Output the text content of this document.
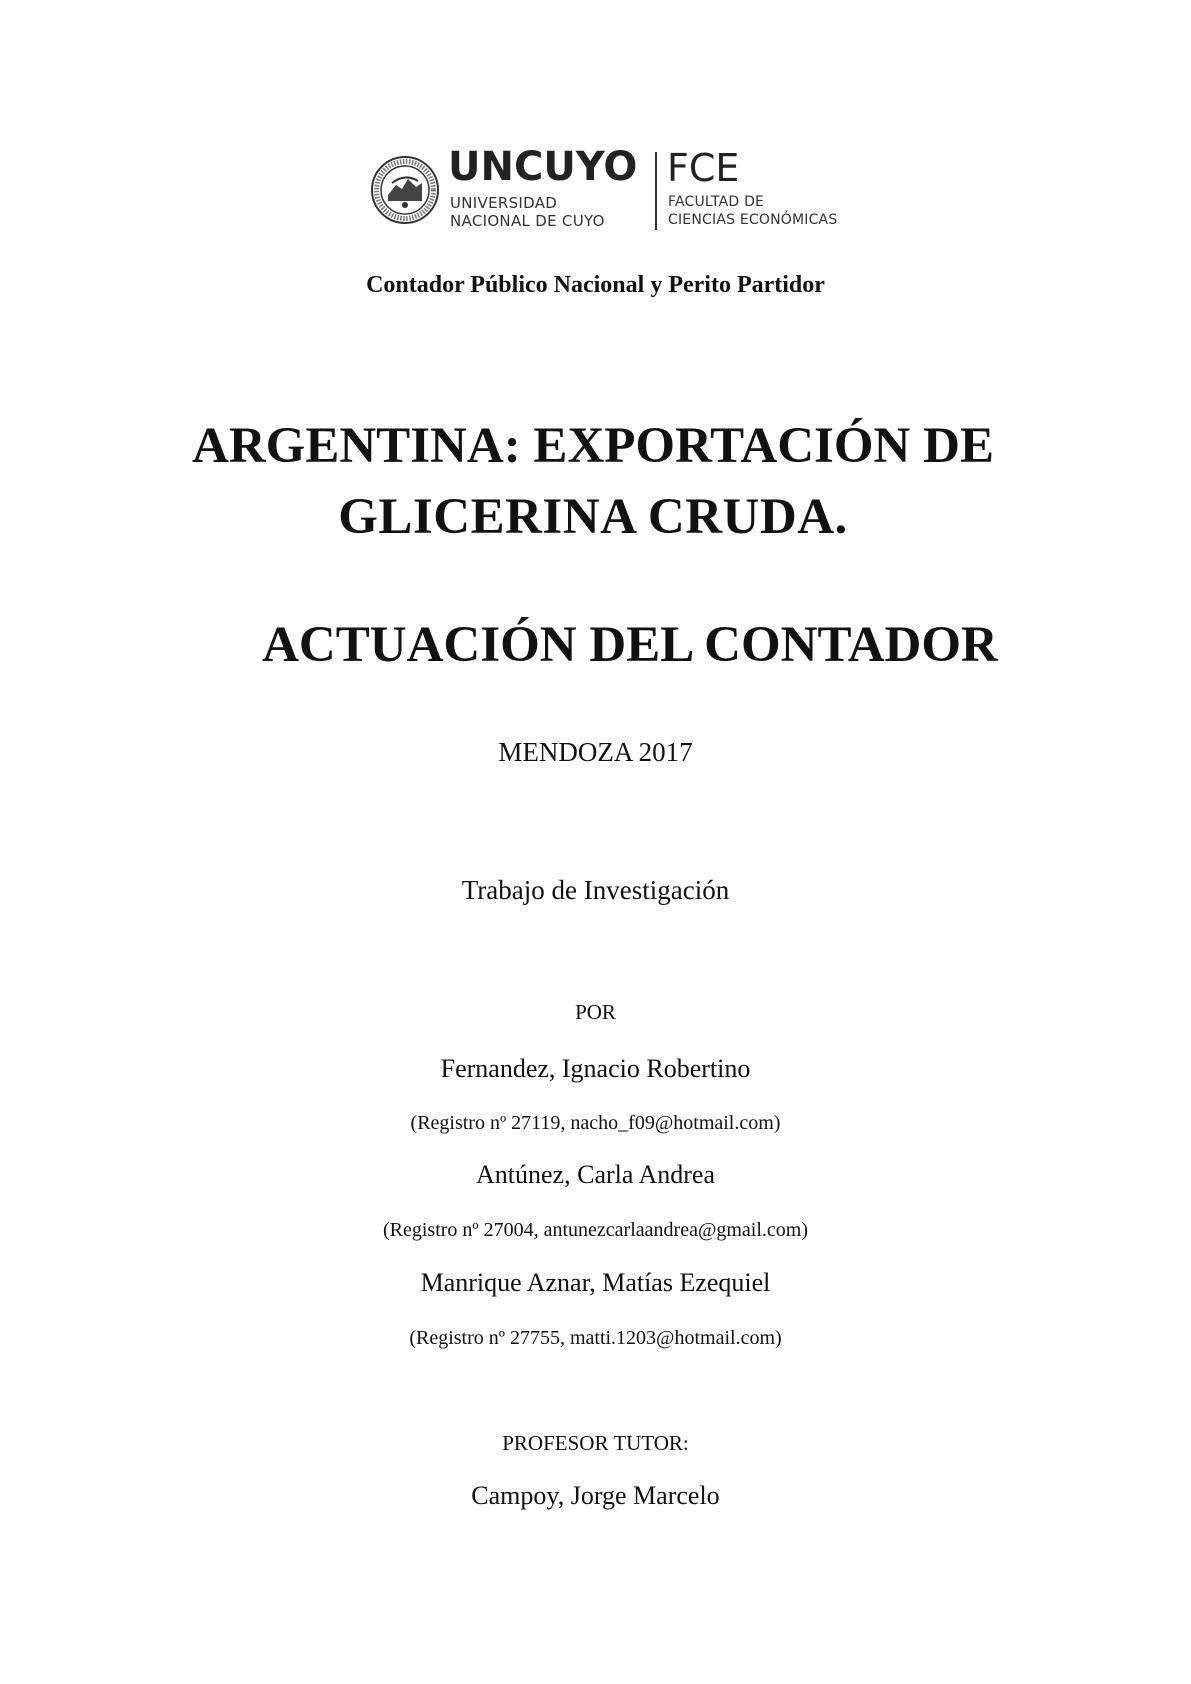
UNCUYO
UNIVERSIDAD
NACIONAL DE CUYO
FCE
FACULTAD DE
CIENCIAS ECONÓMICAS
Contador Público Nacional y Perito Partidor
ARGENTINA: EXPORTACIÓN DE
GLICERINA CRUDA.
ACTUACIÓN DEL CONTADOR
MENDOZA 2017
Trabajo de Investigación
POR
Fernandez, Ignacio Robertino
(Registro nº 27119, nacho_f09@hotmail.com)
Antúnez, Carla Andrea
(Registro nº 27004, antunezcarlaandrea@gmail.com)
Manrique Aznar, Matías Ezequiel
(Registro nº 27755, matti.1203@hotmail.com)
PROFESOR TUTOR:
Campoy, Jorge Marcelo
